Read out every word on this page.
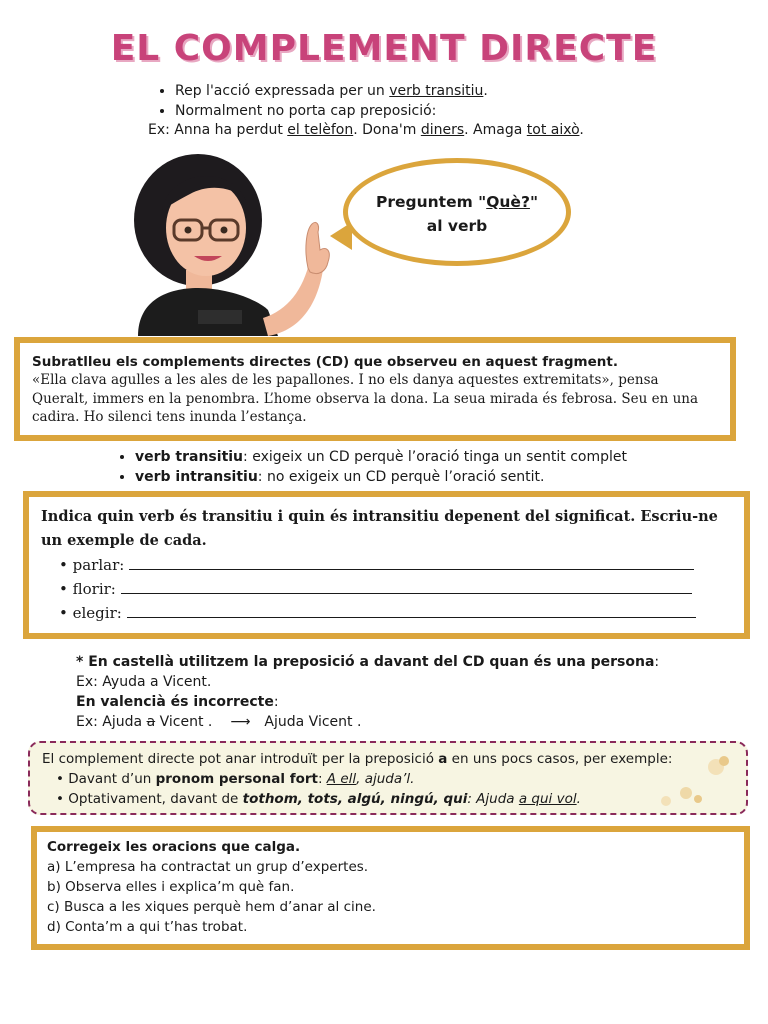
EL COMPLEMENT DIRECTE
• Rep l'acció expressada per un verb transitiu.
• Normalment no porta cap preposició:
Ex: Anna ha perdut el telèfon. Dona'm diners. Amaga tot això.
Preguntem "Què?"
al verb
Subratlleu els complements directes (CD) que observeu en aquest fragment.
«Ella clava agulles a les ales de les papallones. I no els danya aquestes extremitats», pensa Queralt, immers en la penombra. L’home observa la dona. La seua mirada és febrosa. Seu en una cadira. Ho silenci tens inunda l’estança.
• verb transitiu: exigeix un CD perquè l’oració tinga un sentit complet
• verb intransitiu: no exigeix un CD perquè l’oració sentit.
Indica quin verb és transitiu i quin és intransitiu depenent del significat. Escriu-ne un exemple de cada.
• parlar:
• florir:
• elegir:
* En castellà utilitzem la preposició a davant del CD quan és una persona:
Ex: Ayuda a Vicent.
En valencià és incorrecte:
Ex: Ajuda a Vicent . ⟶ Ajuda Vicent .
El complement directe pot anar introduït per la preposició a en uns pocs casos, per exemple:
• Davant d’un pronom personal fort: A ell, ajuda’l.
• Optativament, davant de tothom, tots, algú, ningú, qui: Ajuda a qui vol.
Corregeix les oracions que calga.
a) L’empresa ha contractat un grup d’expertes.
b) Observa elles i explica’m què fan.
c) Busca a les xiques perquè hem d’anar al cine.
d) Conta’m a qui t’has trobat.
